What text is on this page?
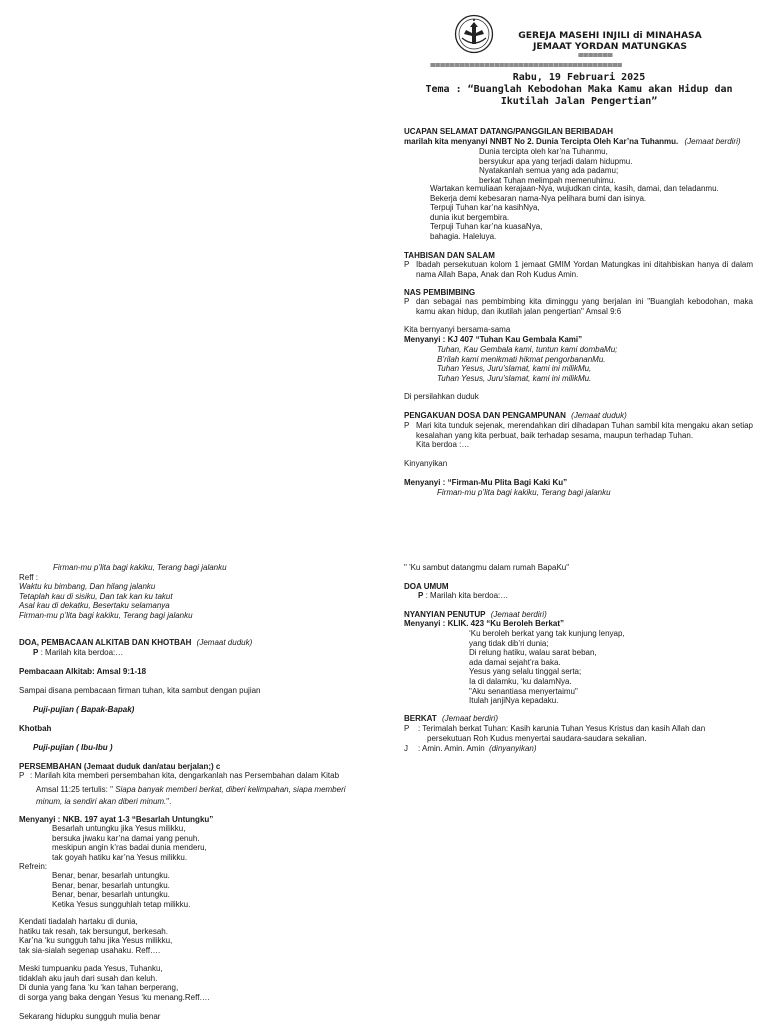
GEREJA MASEHI INJILI di MINAHASA
JEMAAT YORDAN MATUNGKAS
=======
=======================================
Rabu, 19 Februari 2025
Tema : “Buanglah Kebodohan Maka Kamu akan Hidup dan
Ikutilah Jalan Pengertian”
UCAPAN SELAMAT DATANG/PANGGILAN BERIBADAH
marilah kita menyanyi NNBT No 2. Dunia Tercipta Oleh Kar’na Tuhanmu. (Jemaat berdiri)
Dunia tercipta oleh kar’na Tuhanmu,
bersyukur apa yang terjadi dalam hidupmu.
Nyatakanlah semua yang ada padamu;
berkat Tuhan melimpah memenuhimu.
Wartakan kemuliaan kerajaan-Nya, wujudkan cinta, kasih, damai, dan teladanmu.
Bekerja demi kebesaran nama-Nya pelihara bumi dan isinya.
Terpuji Tuhan kar’na kasihNya,
dunia ikut bergembira.
Terpuji Tuhan kar’na kuasaNya,
bahagia. Haleluya.
TAHBISAN DAN SALAM
P Ibadah persekutuan kolom 1 jemaat GMIM Yordan Matungkas ini ditahbiskan hanya di dalam nama Allah Bapa, Anak dan Roh Kudus Amin.
NAS PEMBIMBING
P dan sebagai nas pembimbing kita diminggu yang berjalan ini "Buanglah kebodohan, maka kamu akan hidup, dan ikutilah jalan pengertian" Amsal 9:6
Kita bernyanyi bersama-sama
Menyanyi : KJ 407 “Tuhan Kau Gembala Kami”
Tuhan, Kau Gembala kami, tuntun kami dombaMu;
B’rilah kami menikmati hikmat pengorbananMu.
Tuhan Yesus, Juru’slamat, kami ini milikMu,
Tuhan Yesus, Juru’slamat, kami ini milikMu.
Di persilahkan duduk
PENGAKUAN DOSA DAN PENGAMPUNAN (Jemaat duduk)
P Mari kita tunduk sejenak, merendahkan diri dihadapan Tuhan sambil kita mengaku akan setiap kesalahan yang kita perbuat, baik terhadap sesama, maupun terhadap Tuhan.
Kita berdoa :…
Kinyanyikan
Menyanyi : “Firman-Mu Plita Bagi Kaki Ku”
Firman-mu p’lita bagi kakiku, Terang bagi jalanku
Firman-mu p’lita bagi kakiku, Terang bagi jalanku
Reff :
Waktu ku bimbang, Dan hilang jalanku
Tetaplah kau di sisiku, Dan tak kan ku takut
Asal kau di dekatku, Besertaku selamanya
Firman-mu p’lita bagi kakiku, Terang bagi jalanku
DOA, PEMBACAAN ALKITAB DAN KHOTBAH (Jemaat duduk)
P : Marilah kita berdoa:…
Pembacaan Alkitab: Amsal 9:1-18
Sampai disana pembacaan firman tuhan, kita sambut dengan pujian
Puji-pujian ( Bapak-Bapak)
Khotbah
Puji-pujian ( Ibu-Ibu )
PERSEMBAHAN (Jemaat duduk dan/atau berjalan;) c
P : Marilah kita memberi persembahan kita, dengarkanlah nas Persembahan dalam Kitab
Amsal 11:25 tertulis: " Siapa banyak memberi berkat, diberi kelimpahan, siapa memberi minum, ia sendiri akan diberi minum.".
Menyanyi : NKB. 197 ayat 1-3 “Besarlah Untungku”
Besarlah untungku jika Yesus milikku,
bersuka jiwaku kar’na damai yang penuh.
meskipun angin k’ras badai dunia menderu,
tak goyah hatiku kar’na Yesus milikku.
Refrein:
Benar, benar, besarlah untungku.
Benar, benar, besarlah untungku.
Benar, benar, besarlah untungku.
Ketika Yesus sungguhlah tetap milikku.
Kendati tiadalah hartaku di dunia,
hatiku tak resah, tak bersungut, berkesah.
Kar’na ‘ku sungguh tahu jika Yesus milikku,
tak sia-sialah segenap usahaku. Reff….
Meski tumpuanku pada Yesus, Tuhanku,
tidaklah aku jauh dari susah dan keluh.
Di dunia yang fana ‘ku ‘kan tahan berperang,
di sorga yang baka dengan Yesus ‘ku menang.Reff….
Sekarang hidupku sungguh mulia benar
" 'Ku sambut datangmu dalam rumah BapaKu"
DOA UMUM
P : Marilah kita berdoa:…
NYANYIAN PENUTUP (Jemaat berdiri)
Menyanyi : KLIK. 423 “Ku Beroleh Berkat”
‘Ku beroleh berkat yang tak kunjung lenyap,
yang tidak dib’ri dunia;
Di relung hatiku, walau sarat beban,
ada damai sejaht’ra baka.
Yesus yang selalu tinggal serta;
Ia di dalamku, ‘ku dalamNya.
"Aku senantiasa menyertaimu"
Itulah janjiNya kepadaku.
BERKAT (Jemaat berdiri)
P : Terimalah berkat Tuhan: Kasih karunia Tuhan Yesus Kristus dan kasih Allah dan
persekutuan Roh Kudus menyertai saudara-saudara sekalian.
J : Amin. Amin. Amin (dinyanyikan)
